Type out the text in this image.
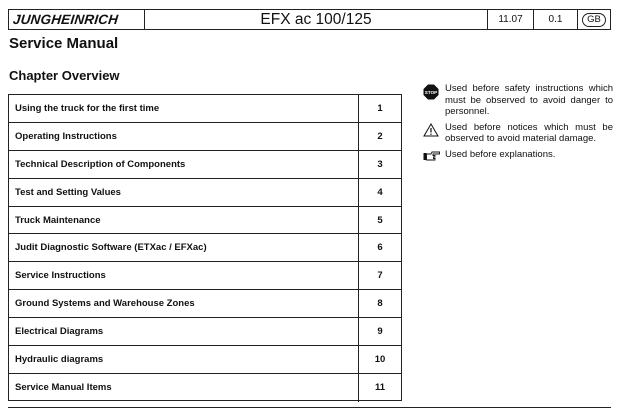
JUNGHEINRICH	EFX ac 100/125	11.07	0.1	GB
Service Manual
Chapter Overview
Using the truck for the first time	1
Operating Instructions	2
Technical Description of Components	3
Test and Setting Values	4
Truck Maintenance	5
Judit Diagnostic Software (ETXac / EFXac)	6
Service Instructions	7
Ground Systems and Warehouse Zones	8
Electrical Diagrams	9
Hydraulic diagrams	10
Service Manual Items	11
STOP Used before safety instructions which must be observed to avoid danger to personnel.
Used before notices which must be observed to avoid material damage.
Used before explanations.
